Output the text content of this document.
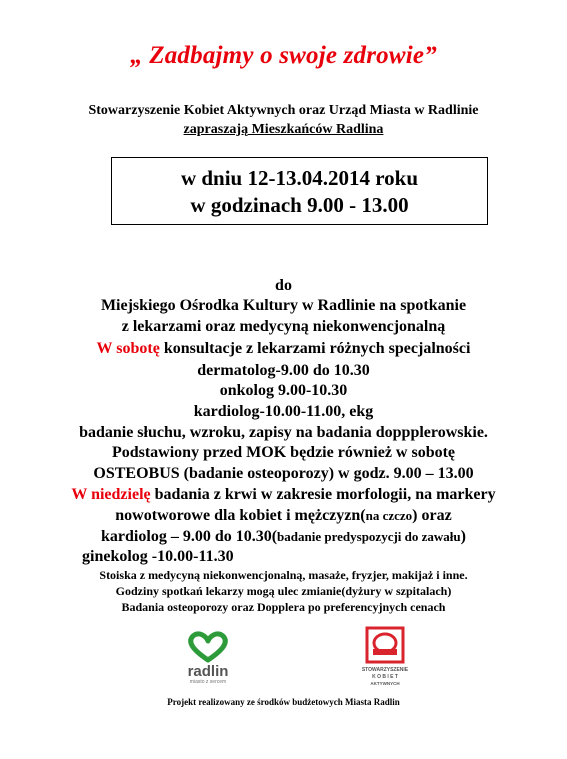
„ Zadbajmy o swoje zdrowie”
Stowarzyszenie Kobiet Aktywnych oraz Urząd Miasta w Radlinie
zapraszają Mieszkańców Radlina
w dniu 12-13.04.2014 roku
w godzinach 9.00 - 13.00
do
Miejskiego Ośrodka Kultury w Radlinie na spotkanie
z lekarzami oraz medycyną niekonwencjonalną
W sobotę konsultacje z lekarzami różnych specjalności
dermatolog-9.00 do 10.30
onkolog 9.00-10.30
kardiolog-10.00-11.00, ekg
badanie słuchu, wzroku, zapisy na badania doppplerowskie.
Podstawiony przed MOK będzie również w sobotę
OSTEOBUS (badanie osteoporozy) w godz. 9.00 – 13.00
W niedzielę badania z krwi w zakresie morfologii, na markery
nowotworowe dla kobiet i mężczyzn(na czczo) oraz
kardiolog – 9.00 do 10.30(badanie predyspozycji do zawału)
ginekolog -10.00-11.30
Stoiska z medycyną niekonwencjonalną, masaże, fryzjer, makijaż i inne.
Godziny spotkań lekarzy mogą ulec zmianie(dyżury w szpitalach)
Badania osteoporozy oraz Dopplera po preferencyjnych cenach
radlin
miasto z sercem
STOWARZYSZENIE
K O B I E T
AKTYWNYCH
Projekt realizowany ze środków budżetowych Miasta Radlin
